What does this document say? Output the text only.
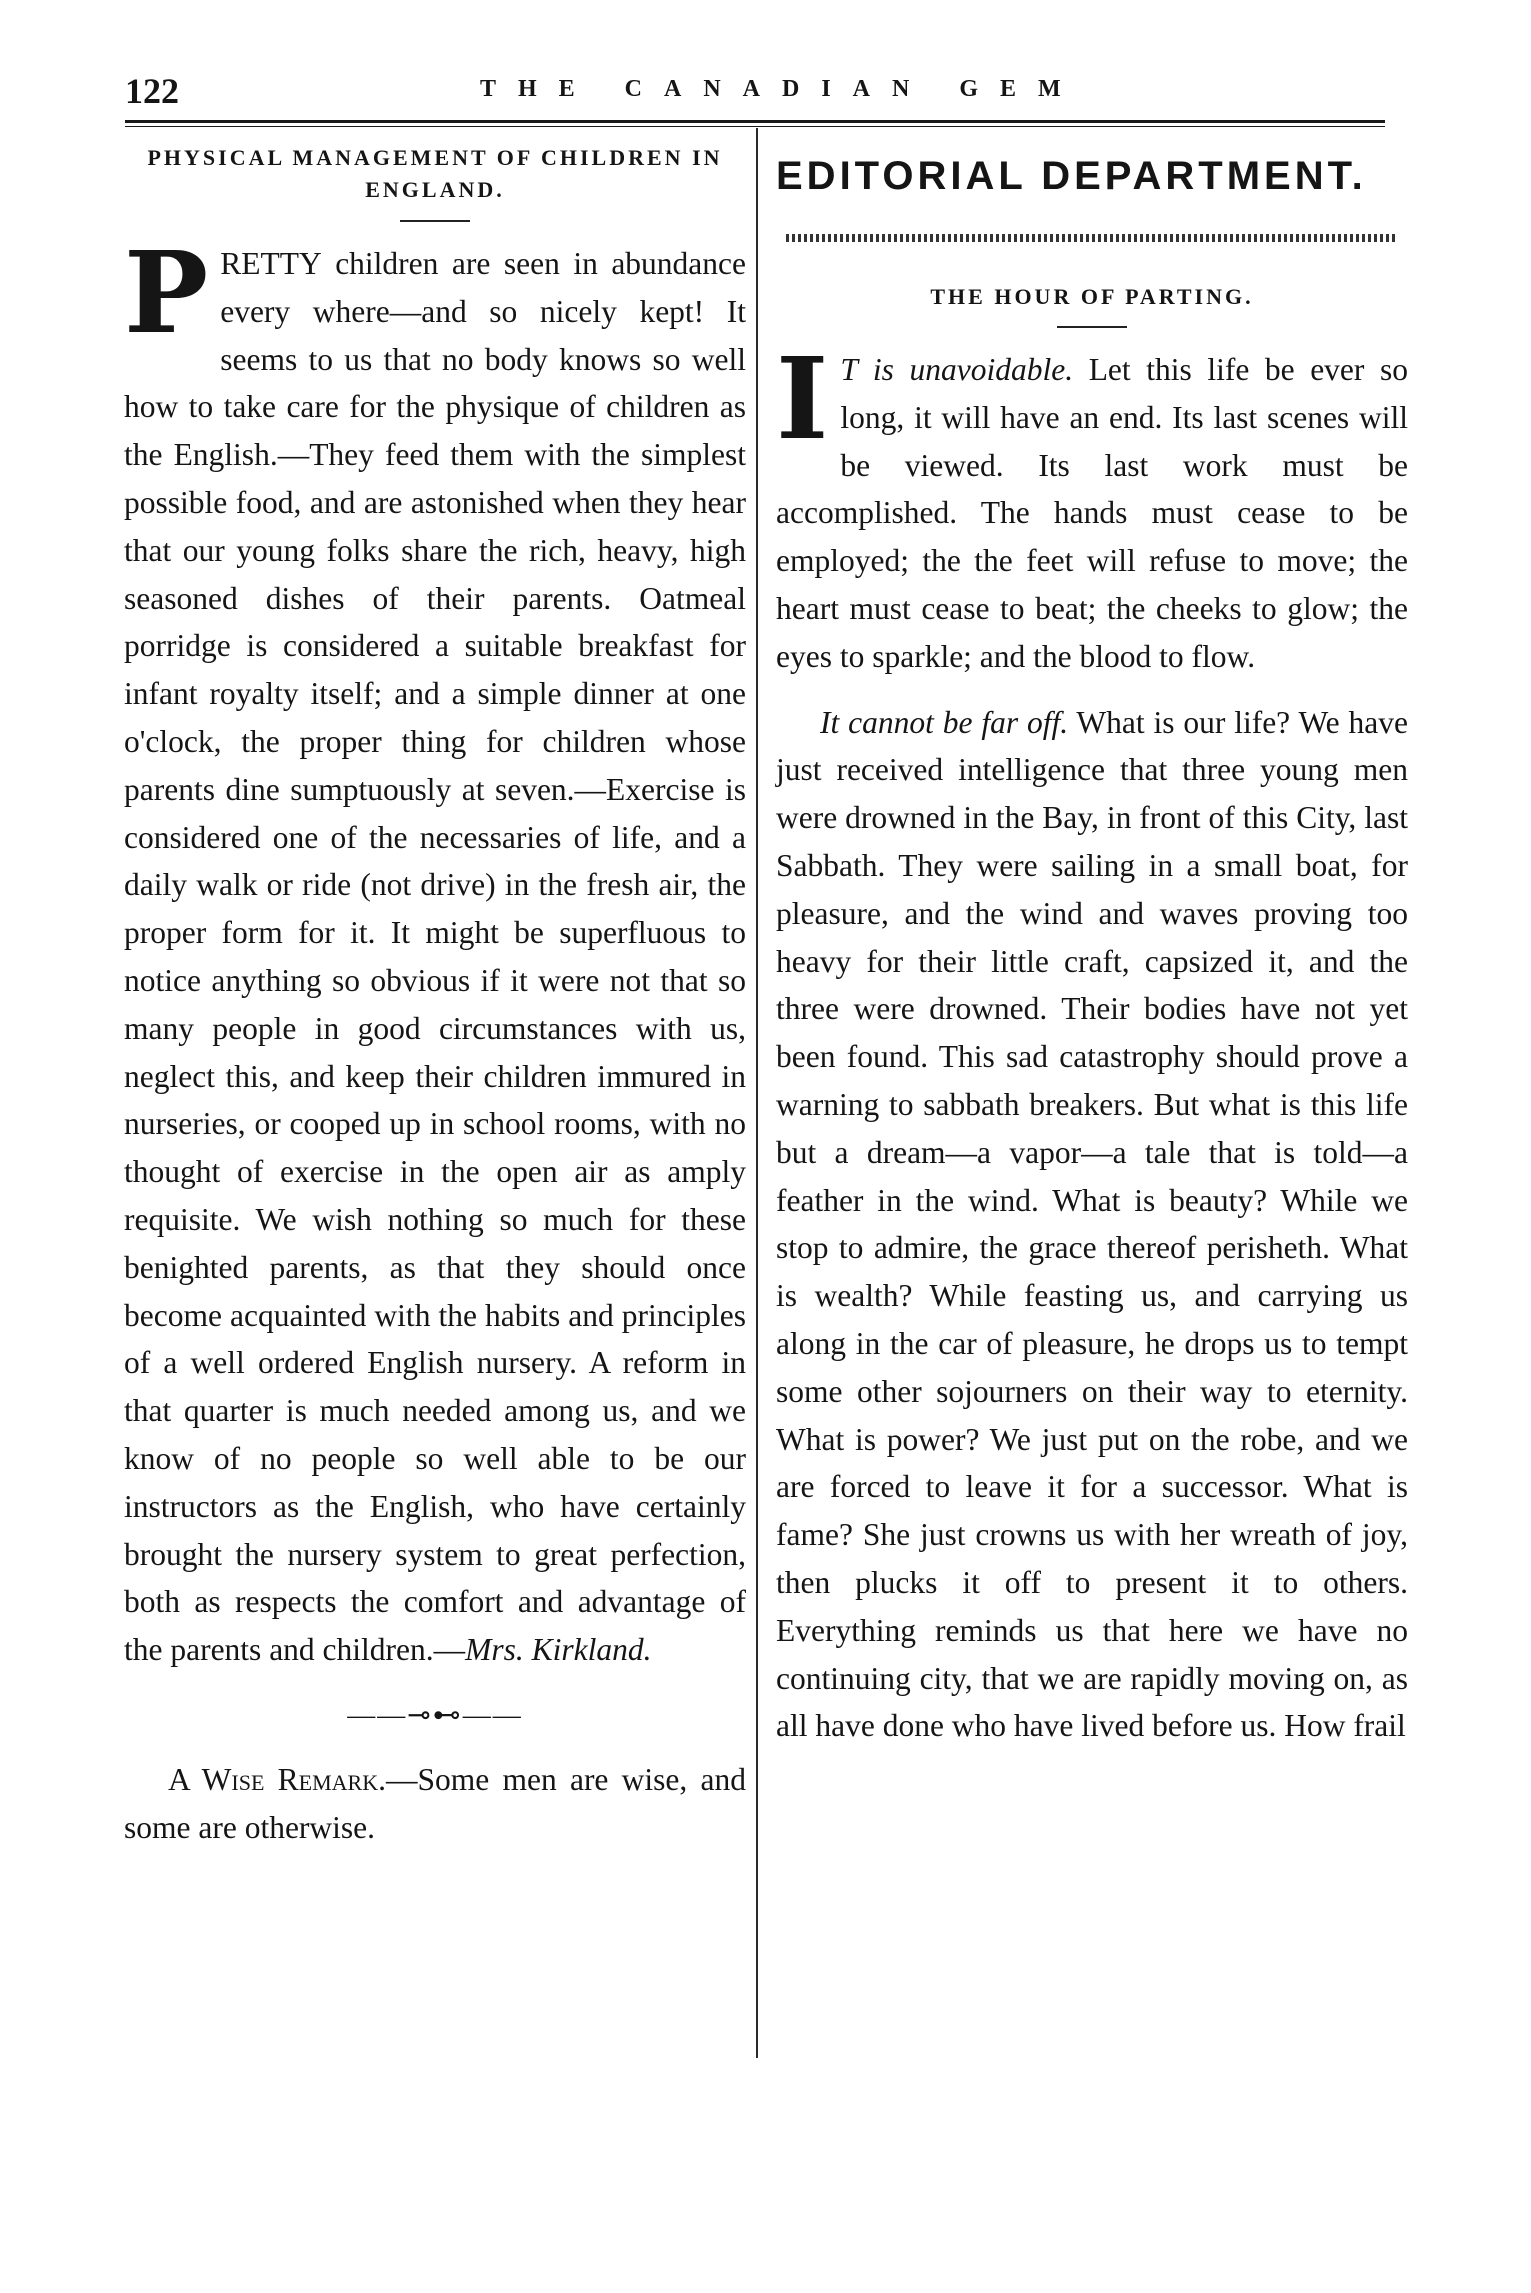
122	THE CANADIAN GEM
PHYSICAL MANAGEMENT OF CHILDREN IN ENGLAND.

PRETTY children are seen in abundance every where—and so nicely kept! It seems to us that no body knows so well how to take care for the physique of children as the English.—They feed them with the simplest possible food, and are astonished when they hear that our young folks share the rich, heavy, high seasoned dishes of their parents. Oatmeal porridge is considered a suitable breakfast for infant royalty itself; and a simple dinner at one o'clock, the proper thing for children whose parents dine sumptuously at seven.—Exercise is considered one of the necessaries of life, and a daily walk or ride (not drive) in the fresh air, the proper form for it. It might be superfluous to notice anything so obvious if it were not that so many people in good circumstances with us, neglect this, and keep their children immured in nurseries, or cooped up in school rooms, with no thought of exercise in the open air as amply requisite. We wish nothing so much for these benighted parents, as that they should once become acquainted with the habits and principles of a well ordered English nursery. A reform in that quarter is much needed among us, and we know of no people so well able to be our instructors as the English, who have certainly brought the nursery system to great perfection, both as respects the comfort and advantage of the parents and children.—Mrs. Kirkland.

——⊸⊷——

A Wise Remark.—Some men are wise, and some are otherwise.

EDITORIAL DEPARTMENT.
THE HOUR OF PARTING.

I T is unavoidable. Let this life be ever so long, it will have an end. Its last scenes will be viewed. Its last work must be accomplished. The hands must cease to be employed; the the feet will refuse to move; the heart must cease to beat; the cheeks to glow; the eyes to sparkle; and the blood to flow.

It cannot be far off. What is our life? We have just received intelligence that three young men were drowned in the Bay, in front of this City, last Sabbath. They were sailing in a small boat, for pleasure, and the wind and waves proving too heavy for their little craft, capsized it, and the three were drowned. Their bodies have not yet been found. This sad catastrophy should prove a warning to sabbath breakers. But what is this life but a dream—a vapor—a tale that is told—a feather in the wind. What is beauty? While we stop to admire, the grace thereof perisheth. What is wealth? While feasting us, and carrying us along in the car of pleasure, he drops us to tempt some other sojourners on their way to eternity. What is power? We just put on the robe, and we are forced to leave it for a successor. What is fame? She just crowns us with her wreath of joy, then plucks it off to present it to others. Everything reminds us that here we have no continuing city, that we are rapidly moving on, as all have done who have lived before us. How frail
